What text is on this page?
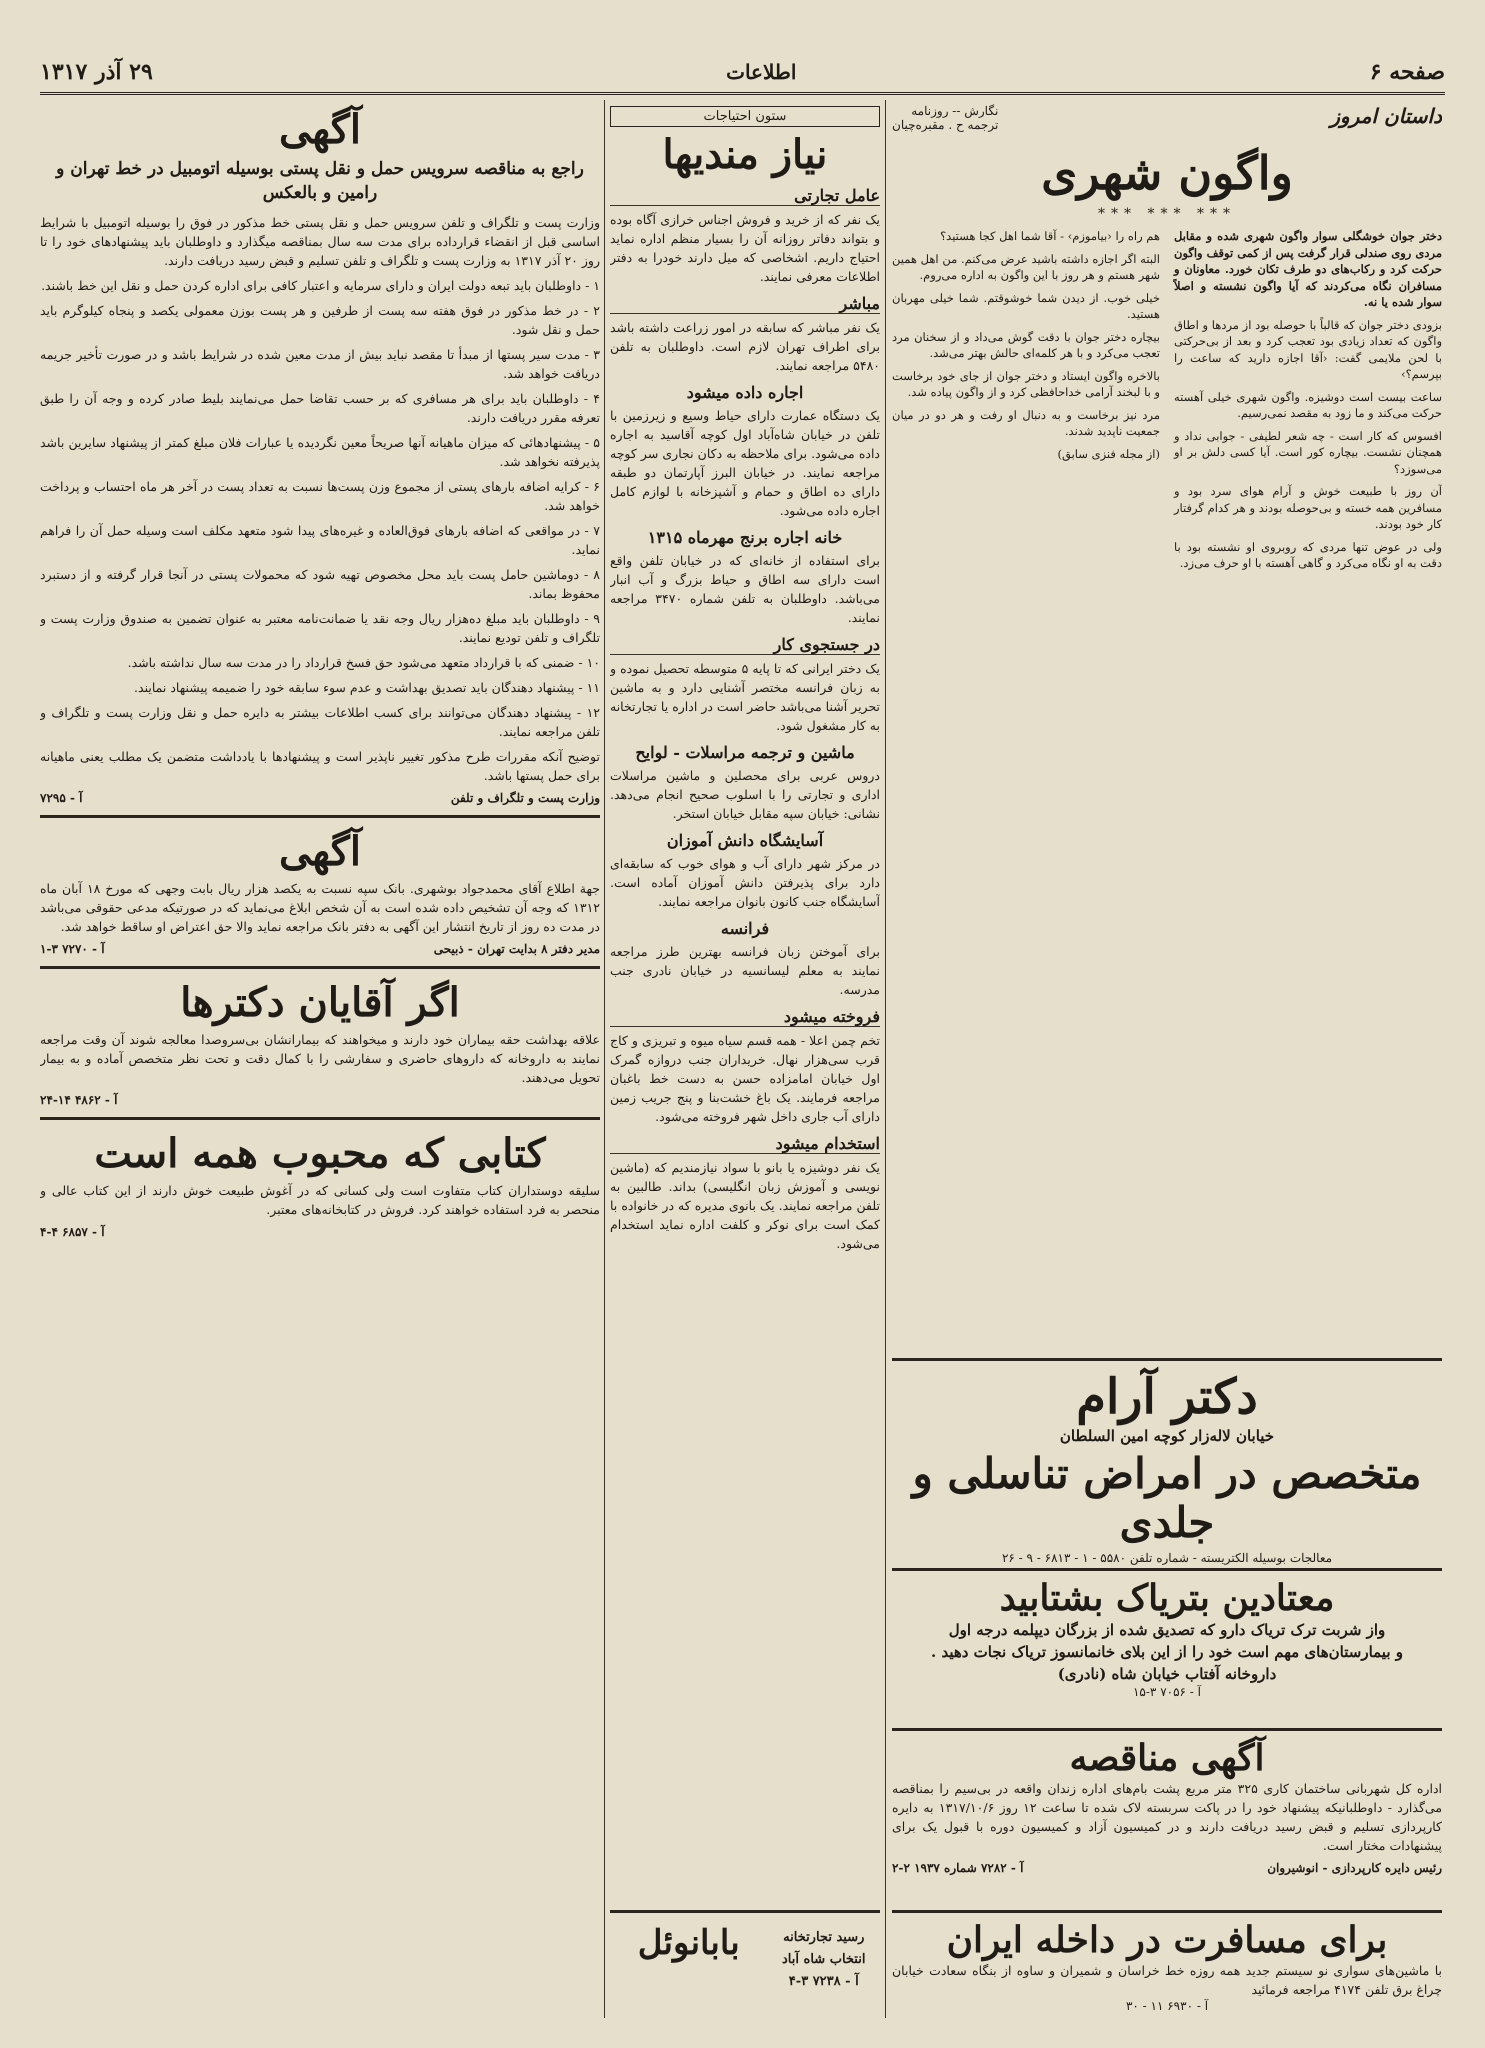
صفحه ۶
اطلاعات
۲۹ آذر ۱۳۱۷
داستان امروز
نگارش -- روزنامه
ترجمه ح . مقبره‌چیان
واگون شهری
*** *** ***

دختر جوان خوشگلی سوار واگون شهری شده و مقابل مردی روی صندلی قرار گرفت پس از کمی توقف واگون حرکت کرد و رکاب‌های دو طرف تکان خورد. معاونان و مسافران نگاه می‌کردند که آیا واگون نشسته و اصلاً سوار شده یا نه.

بزودی دختر جوان که قالباً با حوصله بود از مردها و اطاق واگون که تعداد زیادی بود تعجب کرد و بعد از بی‌حرکتی با لحن ملایمی گفت: ‹آقا اجازه دارید که ساعت را بپرسم؟›

ساعت بیست است دوشیزه. واگون شهری خیلی آهسته حرکت می‌کند و ما زود به مقصد نمی‌رسیم.

افسوس که کار است - چه شعر لطیفی - جوابی نداد و همچنان نشست. بیچاره کور است. آیا کسی دلش بر او می‌سوزد؟

آن روز با طبیعت خوش و آرام هوای سرد بود و مسافرین همه خسته و بی‌حوصله بودند و هر کدام گرفتار کار خود بودند.

ولی در عوض تنها مردی که روبروی او نشسته بود با دقت به او نگاه می‌کرد و گاهی آهسته با او حرف می‌زد.

هم راه را ‹بیاموزم› - آقا شما اهل کجا هستید؟

البته اگر اجازه داشته باشید عرض می‌کنم. من اهل همین شهر هستم و هر روز با این واگون به اداره می‌روم.

خیلی خوب. از دیدن شما خوشوقتم. شما خیلی مهربان هستید.

بیچاره دختر جوان با دقت گوش می‌داد و از سخنان مرد تعجب می‌کرد و با هر کلمه‌ای حالش بهتر می‌شد.

بالاخره واگون ایستاد و دختر جوان از جای خود برخاست و با لبخند آرامی خداحافظی کرد و از واگون پیاده شد.

مرد نیز برخاست و به دنبال او رفت و هر دو در میان جمعیت ناپدید شدند.

(از مجله فنزی سابق)

دکتر آرام
خیابان لاله‌زار کوچه امین السلطان
متخصص در امراض تناسلی و جلدی
معالجات بوسیله الکتریسته - شماره تلفن ۵۵۸۰ - ۱ - ۶۸۱۳ - ۹ - ۲۶
معتادین بتریاک بشتابید
واز شربت ترک تریاک دارو که تصدیق شده از بزرگان دیپلمه درجه اول
و بیمارستان‌های مهم است خود را از این بلای خانمانسوز تریاک نجات دهید .
داروخانه آفتاب خیابان شاه (نادری)
آ - ۷۰۵۶ ۳-۱۵
آگهی مناقصه
اداره کل شهربانی ساختمان کاری ۳۲۵ متر مربع پشت بام‌های اداره زندان واقعه در بی‌سیم را بمناقصه می‌گذارد - داوطلبانیکه پیشنهاد خود را در پاکت سربسته لاک شده تا ساعت ۱۲ روز ۱۳۱۷/۱۰/۶ به دایره کارپردازی تسلیم و قبض رسید دریافت دارند و در کمیسیون آزاد و کمیسیون دوره با قبول یک برای پیشنهادات مختار است.
رئیس دایره کارپردازی - انوشیروان
آ - ۷۲۸۲ شماره ۱۹۳۷ ۲-۲
برای مسافرت در داخله ایران
با ماشین‌های سواری نو سیستم جدید همه روزه خط خراسان و شمیران و ساوه از بنگاه سعادت خیابان چراغ برق تلفن ۴۱۷۴ مراجعه فرمائید
آ - ۶۹۳۰ ۱۱ - ۳۰
ستون احتیاجات
نیاز مندیها
عامل تجارتی

یک نفر که از خرید و فروش اجناس خرازی آگاه بوده و بتواند دفاتر روزانه آن را بسیار منظم اداره نماید احتیاج داریم. اشخاصی که میل دارند خودرا به دفتر اطلاعات معرفی نمایند.

مباشر

یک نفر مباشر که سابقه در امور زراعت داشته باشد برای اطراف تهران لازم است. داوطلبان به تلفن ۵۴۸۰ مراجعه نمایند.

اجاره داده میشود

یک دستگاه عمارت دارای حیاط وسیع و زیرزمین با تلفن در خیابان شاه‌آباد اول کوچه آقاسید به اجاره داده می‌شود. برای ملاحظه به دکان نجاری سر کوچه مراجعه نمایند. در خیابان البرز آپارتمان دو طبقه دارای ده اطاق و حمام و آشپزخانه با لوازم کامل اجاره داده می‌شود.

خانه اجاره برنج مهرماه ۱۳۱۵

برای استفاده از خانه‌ای که در خیابان تلفن واقع است دارای سه اطاق و حیاط بزرگ و آب انبار می‌باشد. داوطلبان به تلفن شماره ۳۴۷۰ مراجعه نمایند.

در جستجوی کار

یک دختر ایرانی که تا پایه ۵ متوسطه تحصیل نموده و به زبان فرانسه مختصر آشنایی دارد و به ماشین تحریر آشنا می‌باشد حاضر است در اداره یا تجارتخانه به کار مشغول شود.

ماشین و ترجمه مراسلات - لوایح

دروس عربی برای محصلین و ماشین مراسلات اداری و تجارتی را با اسلوب صحیح انجام می‌دهد. نشانی: خیابان سپه مقابل خیابان استخر.

آسایشگاه دانش آموزان

در مرکز شهر دارای آب و هوای خوب که سابقه‌ای دارد برای پذیرفتن دانش آموزان آماده است. آسایشگاه جنب کانون بانوان مراجعه نمایند.

فرانسه

برای آموختن زبان فرانسه بهترین طرز مراجعه نمایند به معلم لیسانسیه در خیابان نادری جنب مدرسه.

فروخته میشود

تخم چمن اعلا - همه قسم سیاه میوه و تبریزی و کاج قرب سی‌هزار نهال. خریداران جنب دروازه گمرک اول خیابان امامزاده حسن به دست خط باغبان مراجعه فرمایند. یک باغ خشت‌بنا و پنج جریب زمین دارای آب جاری داخل شهر فروخته می‌شود.

استخدام میشود

یک نفر دوشیزه یا بانو با سواد نیازمندیم که (ماشین نویسی و آموزش زبان انگلیسی) بداند. طالبین به تلفن مراجعه نمایند. یک بانوی مدیره که در خانواده با کمک است برای نوکر و کلفت اداره نماید استخدام می‌شود.

رسید تجارتخانه
انتخاب شاه آباد
آ - ۷۲۳۸ ۳-۴
بابانوئل
آگهی
راجع به مناقصه سرویس حمل و نقل پستی بوسیله اتومبیل در خط تهران و رامین و بالعکس

وزارت پست و تلگراف و تلفن سرویس حمل و نقل پستی خط مذکور در فوق را بوسیله اتومبیل با شرایط اساسی قبل از انقضاء قرارداده برای مدت سه سال بمناقصه میگذارد و داوطلبان باید پیشنهادهای خود را تا روز ۲۰ آذر ۱۳۱۷ به وزارت پست و تلگراف و تلفن تسلیم و قبض رسید دریافت دارند.

۱ - داوطلبان باید تبعه دولت ایران و دارای سرمایه و اعتبار کافی برای اداره کردن حمل و نقل این خط باشند.

۲ - در خط مذکور در فوق هفته سه پست از طرفین و هر پست بوزن معمولی یکصد و پنجاه کیلوگرم باید حمل و نقل شود.

۳ - مدت سیر پستها از مبدأ تا مقصد نباید بیش از مدت معین شده در شرایط باشد و در صورت تأخیر جریمه دریافت خواهد شد.

۴ - داوطلبان باید برای هر مسافری که بر حسب تقاضا حمل می‌نمایند بلیط صادر کرده و وجه آن را طبق تعرفه مقرر دریافت دارند.

۵ - پیشنهادهائی که میزان ماهیانه آنها صریحاً معین نگردیده یا عبارات فلان مبلغ کمتر از پیشنهاد سایرین باشد پذیرفته نخواهد شد.

۶ - کرایه اضافه بارهای پستی از مجموع وزن پست‌ها نسبت به تعداد پست در آخر هر ماه احتساب و پرداخت خواهد شد.

۷ - در مواقعی که اضافه بارهای فوق‌العاده و غیره‌های پیدا شود متعهد مکلف است وسیله حمل آن را فراهم نماید.

۸ - دوماشین حامل پست باید محل مخصوص تهیه شود که محمولات پستی در آنجا قرار گرفته و از دستبرد محفوظ بماند.

۹ - داوطلبان باید مبلغ ده‌هزار ریال وجه نقد یا ضمانت‌نامه معتبر به عنوان تضمین به صندوق وزارت پست و تلگراف و تلفن تودیع نمایند.

۱۰ - ضمنی که با قرارداد متعهد می‌شود حق فسخ قرارداد را در مدت سه سال نداشته باشد.

۱۱ - پیشنهاد دهندگان باید تصدیق بهداشت و عدم سوء سابقه خود را ضمیمه پیشنهاد نمایند.

۱۲ - پیشنهاد دهندگان می‌توانند برای کسب اطلاعات بیشتر به دایره حمل و نقل وزارت پست و تلگراف و تلفن مراجعه نمایند.

توضیح آنکه مقررات طرح مذکور تغییر ناپذیر است و پیشنهادها با یادداشت متضمن یک مطلب یعنی ماهیانه برای حمل پستها باشد.

وزارت پست و تلگراف و تلفن
آ - ۷۲۹۵
آگهی

جهة اطلاع آقای محمدجواد بوشهری. بانک سپه نسبت به یکصد هزار ریال بابت وجهی که مورخ ۱۸ آبان ماه ۱۳۱۲ که وجه آن تشخیص داده شده است به آن شخص ابلاغ می‌نماید که در صورتیکه مدعی حقوقی می‌باشد در مدت ده روز از تاریخ انتشار این آگهی به دفتر بانک مراجعه نماید والا حق اعتراض او ساقط خواهد شد.

مدیر دفتر ۸ بدایت تهران - ذبیحی
آ - ۷۲۷۰ ۳-۱
اگر آقایان دکترها

علاقه بهداشت حقه بیماران خود دارند و میخواهند که بیمارانشان بی‌سروصدا معالجه شوند آن وقت مراجعه نمایند به داروخانه که داروهای حاضری و سفارشی را با کمال دقت و تحت نظر متخصص آماده و به بیمار تحویل می‌دهند.

آ - ۴۸۶۲ ۱۴-۲۴
کتابی که محبوب همه است

سلیقه دوستداران کتاب متفاوت است ولی کسانی که در آغوش طبیعت خوش دارند از این کتاب عالی و منحصر به فرد استفاده خواهند کرد. فروش در کتابخانه‌های معتبر.

آ - ۶۸۵۷ ۴-۴
